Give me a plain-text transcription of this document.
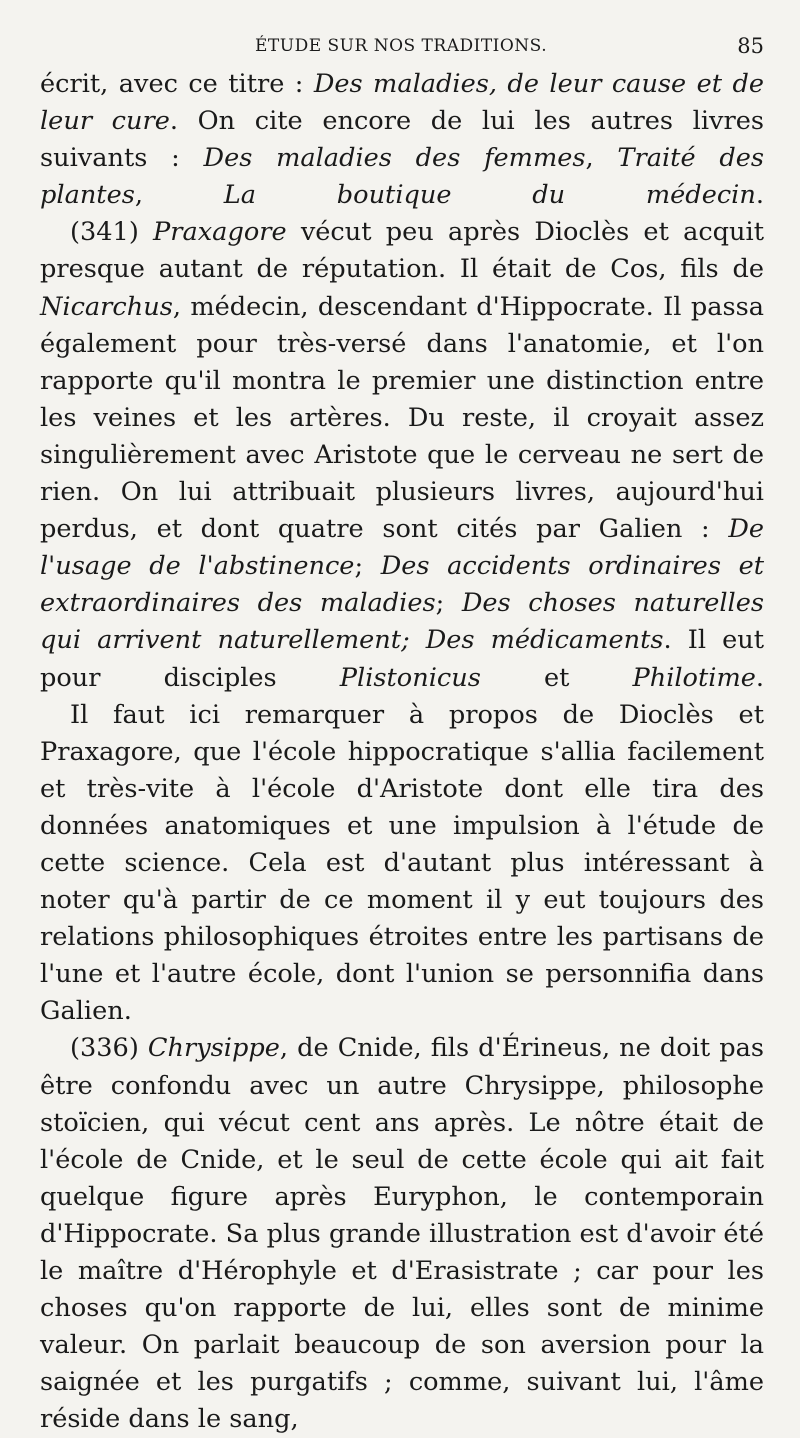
ÉTUDE SUR NOS TRADITIONS.	85

écrit, avec ce titre : Des maladies, de leur cause et de leur cure. On cite encore de lui les autres livres suivants : Des maladies des femmes, Traité des plantes, La boutique du médecin.

(341) Praxagore vécut peu après Dioclès et acquit presque autant de réputation. Il était de Cos, fils de Nicarchus, médecin, descendant d'Hippocrate. Il passa également pour très-versé dans l'anatomie, et l'on rapporte qu'il montra le premier une distinction entre les veines et les artères. Du reste, il croyait assez singulièrement avec Aristote que le cerveau ne sert de rien. On lui attribuait plusieurs livres, aujourd'hui perdus, et dont quatre sont cités par Galien : De l'usage de l'abstinence; Des accidents ordinaires et extraordinaires des maladies; Des choses naturelles qui arrivent naturellement; Des médicaments. Il eut pour disciples Plistonicus et Philotime.

Il faut ici remarquer à propos de Dioclès et Praxagore, que l'école hippocratique s'allia facilement et très-vite à l'école d'Aristote dont elle tira des données anatomiques et une impulsion à l'étude de cette science. Cela est d'autant plus intéressant à noter qu'à partir de ce moment il y eut toujours des relations philosophiques étroites entre les partisans de l'une et l'autre école, dont l'union se personnifia dans Galien.

(336) Chrysippe, de Cnide, fils d'Érineus, ne doit pas être confondu avec un autre Chrysippe, philosophe stoïcien, qui vécut cent ans après. Le nôtre était de l'école de Cnide, et le seul de cette école qui ait fait quelque figure après Euryphon, le contemporain d'Hippocrate. Sa plus grande illustration est d'avoir été le maître d'Hérophyle et d'Erasistrate ; car pour les choses qu'on rapporte de lui, elles sont de minime valeur. On parlait beaucoup de son aversion pour la saignée et les purgatifs ; comme, suivant lui, l'âme réside dans le sang,
